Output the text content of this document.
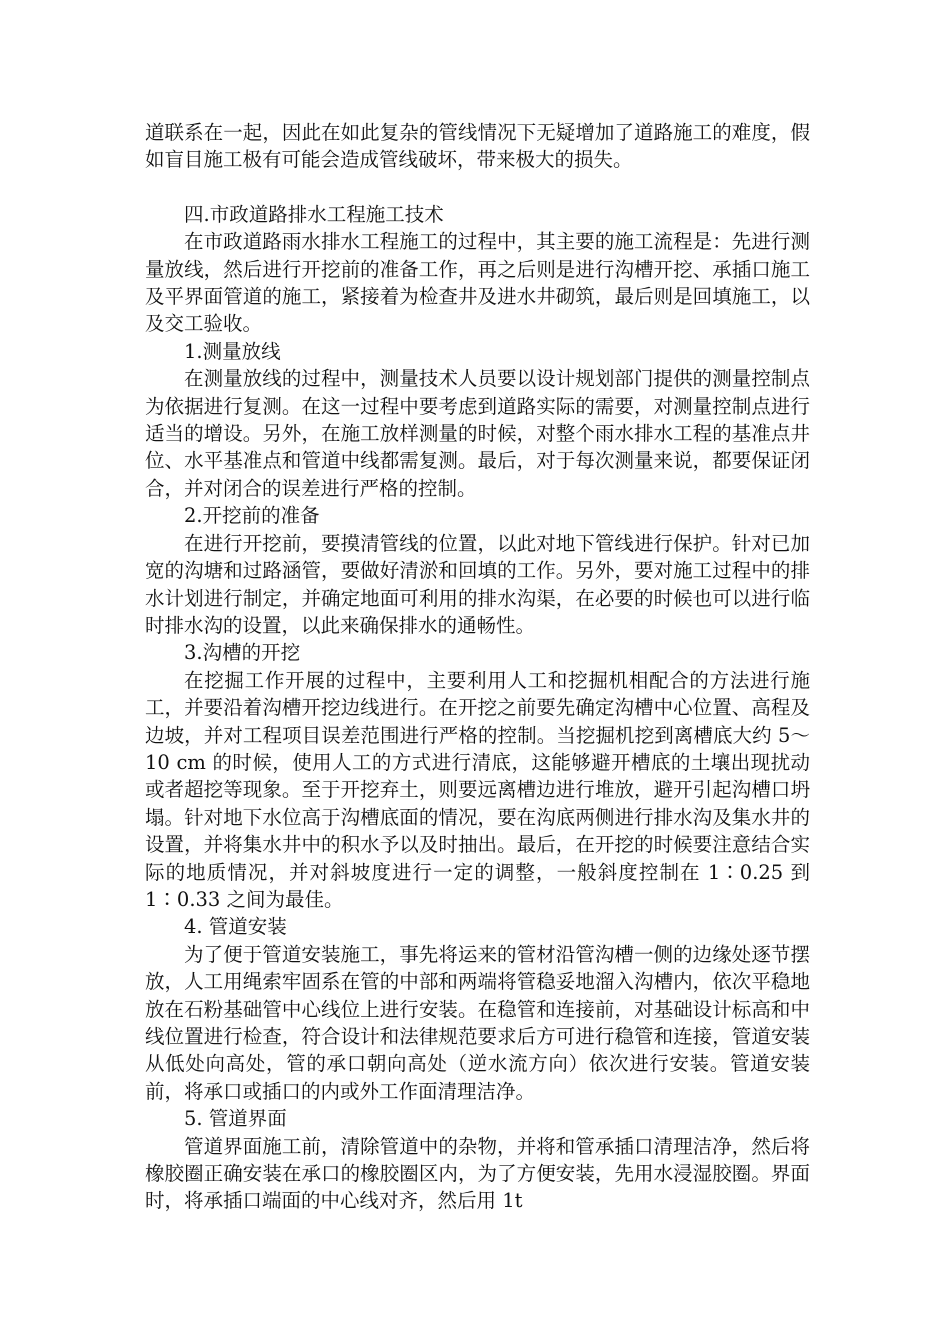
道联系在一起，因此在如此复杂的管线情况下无疑增加了道路施工的难度，假如盲目施工极有可能会造成管线破坏，带来极大的损失。

四.市政道路排水工程施工技术

在市政道路雨水排水工程施工的过程中，其主要的施工流程是：先进行测量放线，然后进行开挖前的准备工作，再之后则是进行沟槽开挖、承插口施工及平界面管道的施工，紧接着为检查井及进水井砌筑，最后则是回填施工，以及交工验收。

1.测量放线

在测量放线的过程中，测量技术人员要以设计规划部门提供的测量控制点为依据进行复测。在这一过程中要考虑到道路实际的需要，对测量控制点进行适当的增设。另外，在施工放样测量的时候，对整个雨水排水工程的基准点井位、水平基准点和管道中线都需复测。最后，对于每次测量来说，都要保证闭合，并对闭合的误差进行严格的控制。

2.开挖前的准备

在进行开挖前，要摸清管线的位置，以此对地下管线进行保护。针对已加宽的沟塘和过路涵管，要做好清淤和回填的工作。另外，要对施工过程中的排水计划进行制定，并确定地面可利用的排水沟渠，在必要的时候也可以进行临时排水沟的设置，以此来确保排水的通畅性。

3.沟槽的开挖

在挖掘工作开展的过程中，主要利用人工和挖掘机相配合的方法进行施工，并要沿着沟槽开挖边线进行。在开挖之前要先确定沟槽中心位置、高程及边坡，并对工程项目误差范围进行严格的控制。当挖掘机挖到离槽底大约 5～10 cm 的时候，使用人工的方式进行清底，这能够避开槽底的土壤出现扰动或者超挖等现象。至于开挖弃土，则要远离槽边进行堆放，避开引起沟槽口坍塌。针对地下水位高于沟槽底面的情况，要在沟底两侧进行排水沟及集水井的设置，并将集水井中的积水予以及时抽出。最后，在开挖的时候要注意结合实际的地质情况，并对斜坡度进行一定的调整，一般斜度控制在 1∶0.25 到 1∶0.33 之间为最佳。

4. 管道安装

为了便于管道安装施工，事先将运来的管材沿管沟槽一侧的边缘处逐节摆放，人工用绳索牢固系在管的中部和两端将管稳妥地溜入沟槽内，依次平稳地放在石粉基础管中心线位上进行安装。在稳管和连接前，对基础设计标高和中线位置进行检查，符合设计和法律规范要求后方可进行稳管和连接，管道安装从低处向高处，管的承口朝向高处（逆水流方向）依次进行安装。管道安装前，将承口或插口的内或外工作面清理洁净。

5. 管道界面

管道界面施工前，清除管道中的杂物，并将和管承插口清理洁净，然后将橡胶圈正确安装在承口的橡胶圈区内，为了方便安装，先用水浸湿胶圈。界面时，将承插口端面的中心线对齐，然后用 1t
